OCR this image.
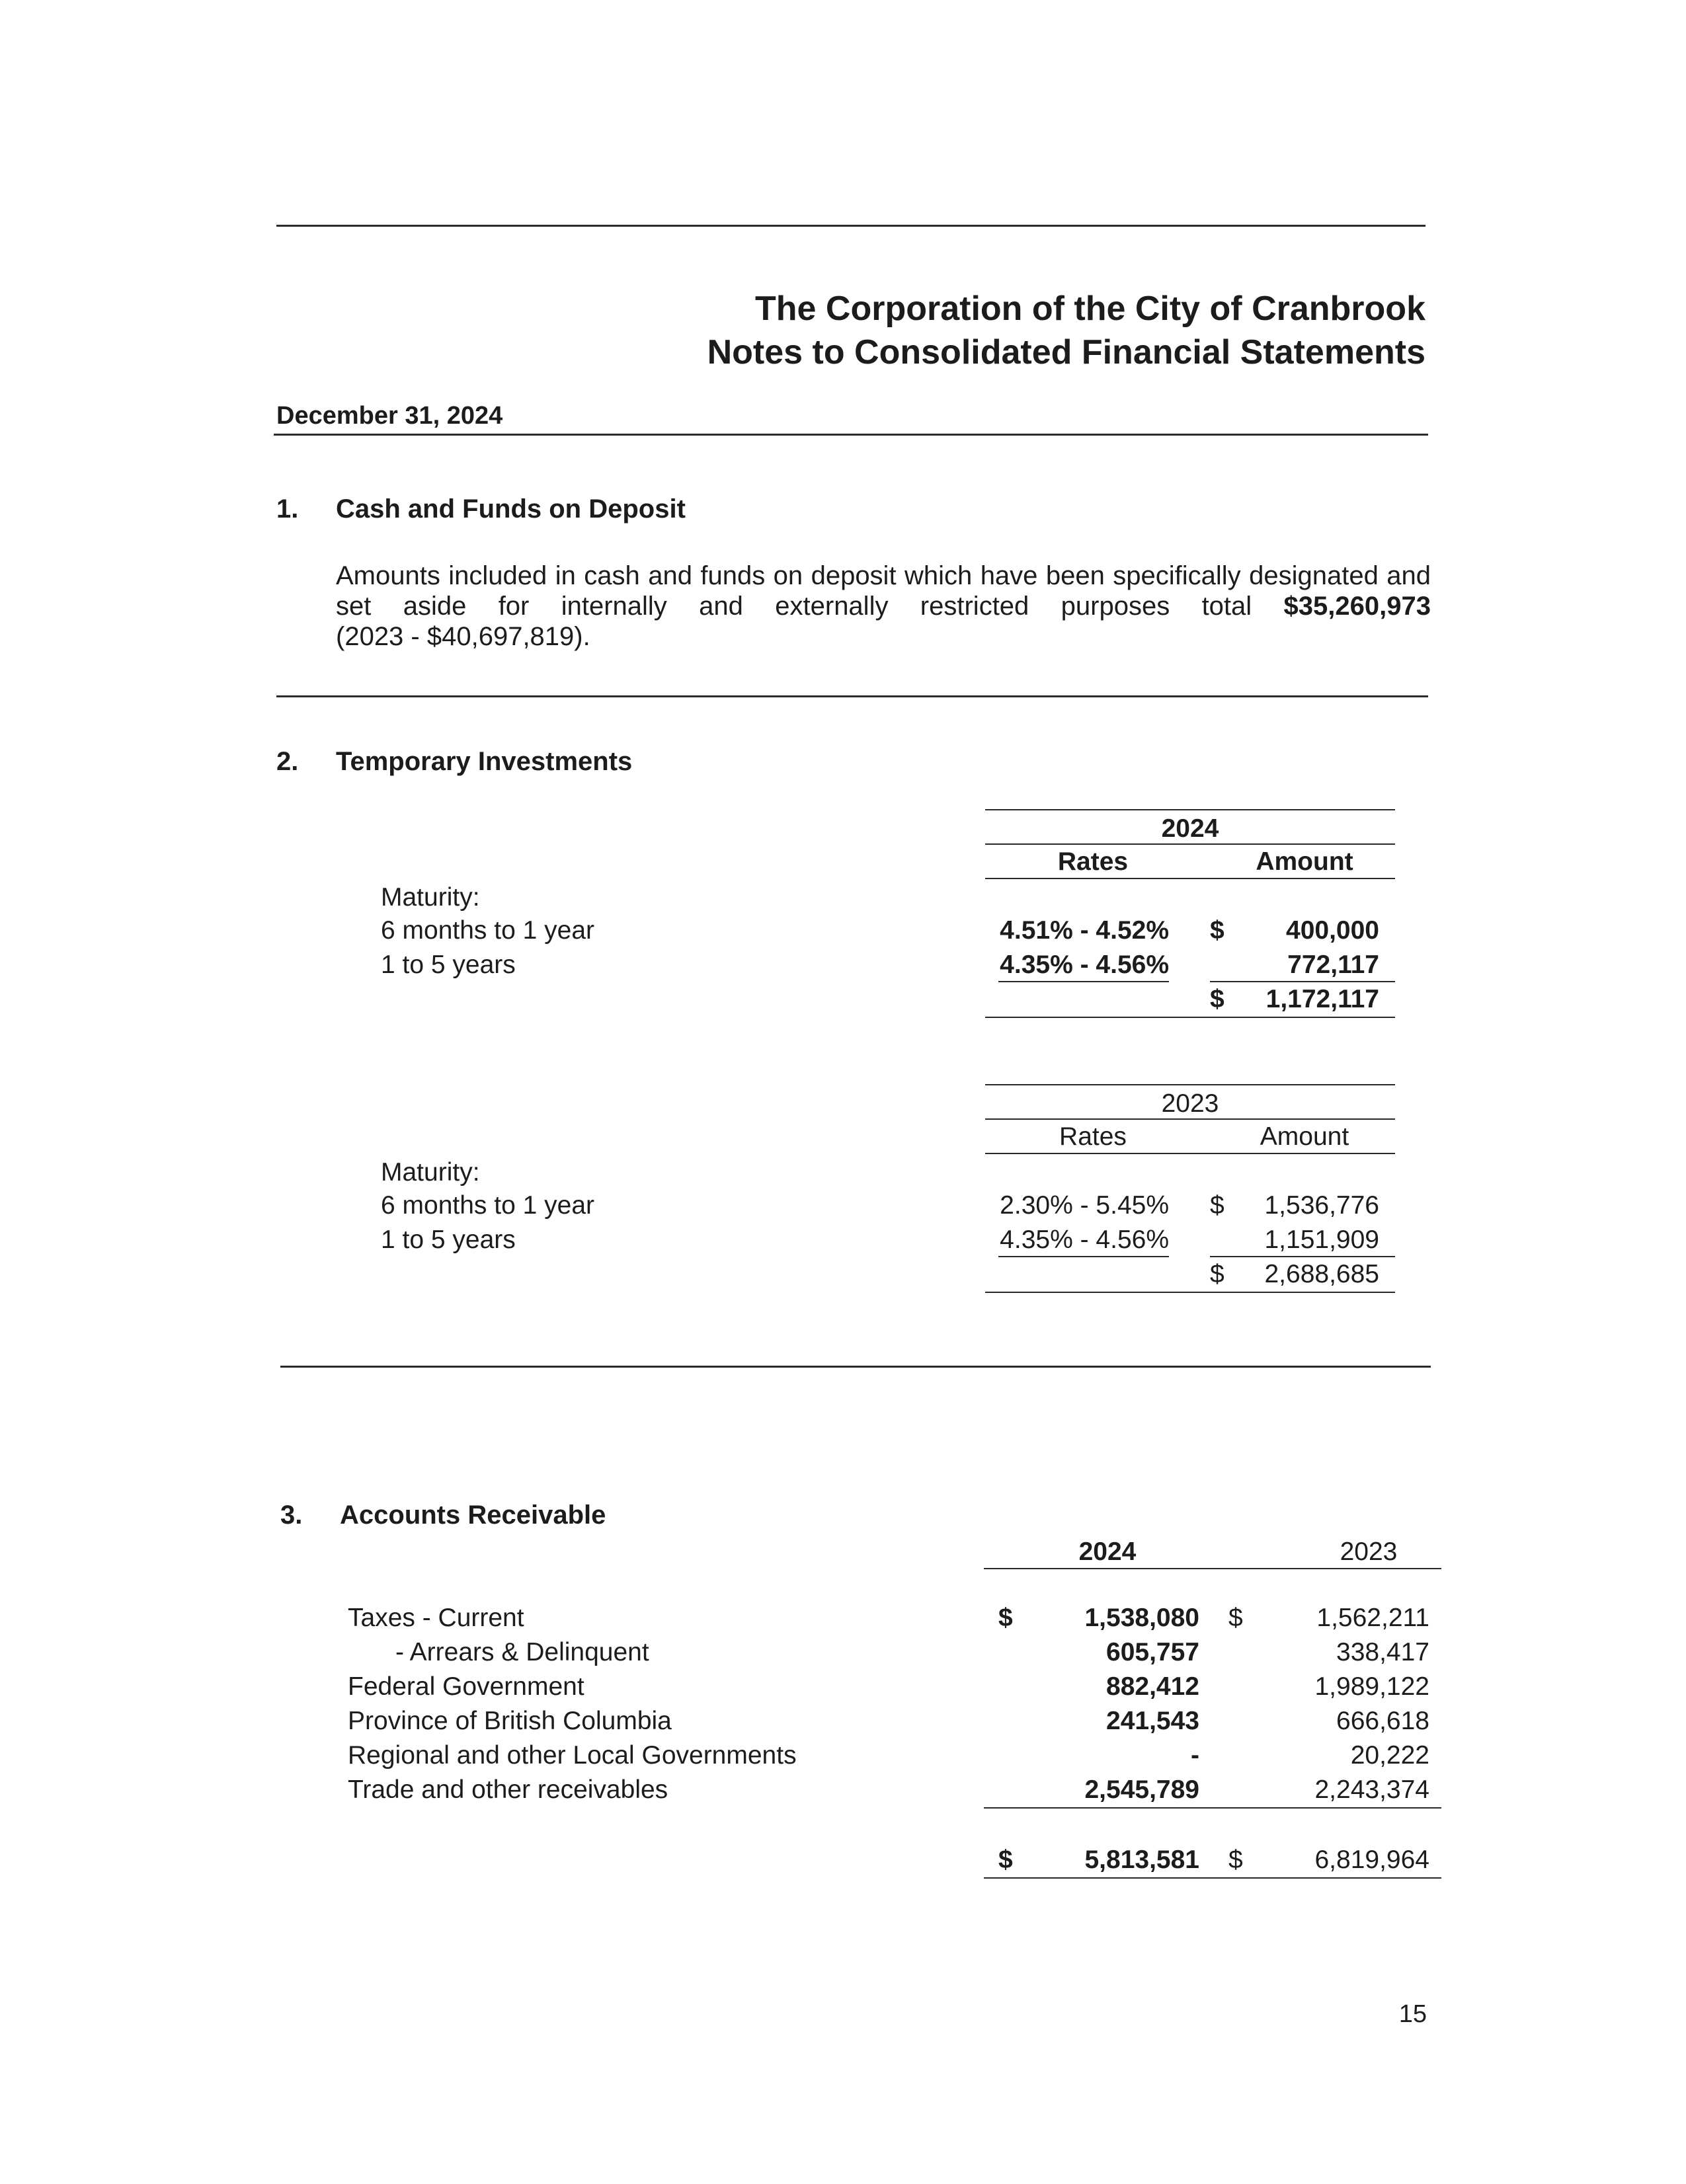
The Corporation of the City of Cranbrook
Notes to Consolidated Financial Statements
December 31, 2024
1. Cash and Funds on Deposit
Amounts included in cash and funds on deposit which have been specifically designated and
set aside for internally and externally restricted purposes total $35,260,973
(2023 - $40,697,819).
2. Temporary Investments
2024
Rates	Amount
Maturity:
6 months to 1 year	4.51% - 4.52% $	400,000
1 to 5 years	4.35% - 4.56%	772,117
$	1,172,117
2023
Rates	Amount
Maturity:
6 months to 1 year	2.30% - 5.45% $	1,536,776
1 to 5 years	4.35% - 4.56%	1,151,909
$	2,688,685
3. Accounts Receivable
2024	2023
Taxes - Current	$	1,538,080 $	1,562,211
- Arrears & Delinquent	605,757	338,417
Federal Government	882,412	1,989,122
Province of British Columbia	241,543	666,618
Regional and other Local Governments	-	20,222
Trade and other receivables	2,545,789	2,243,374
$	5,813,581 $	6,819,964
15
